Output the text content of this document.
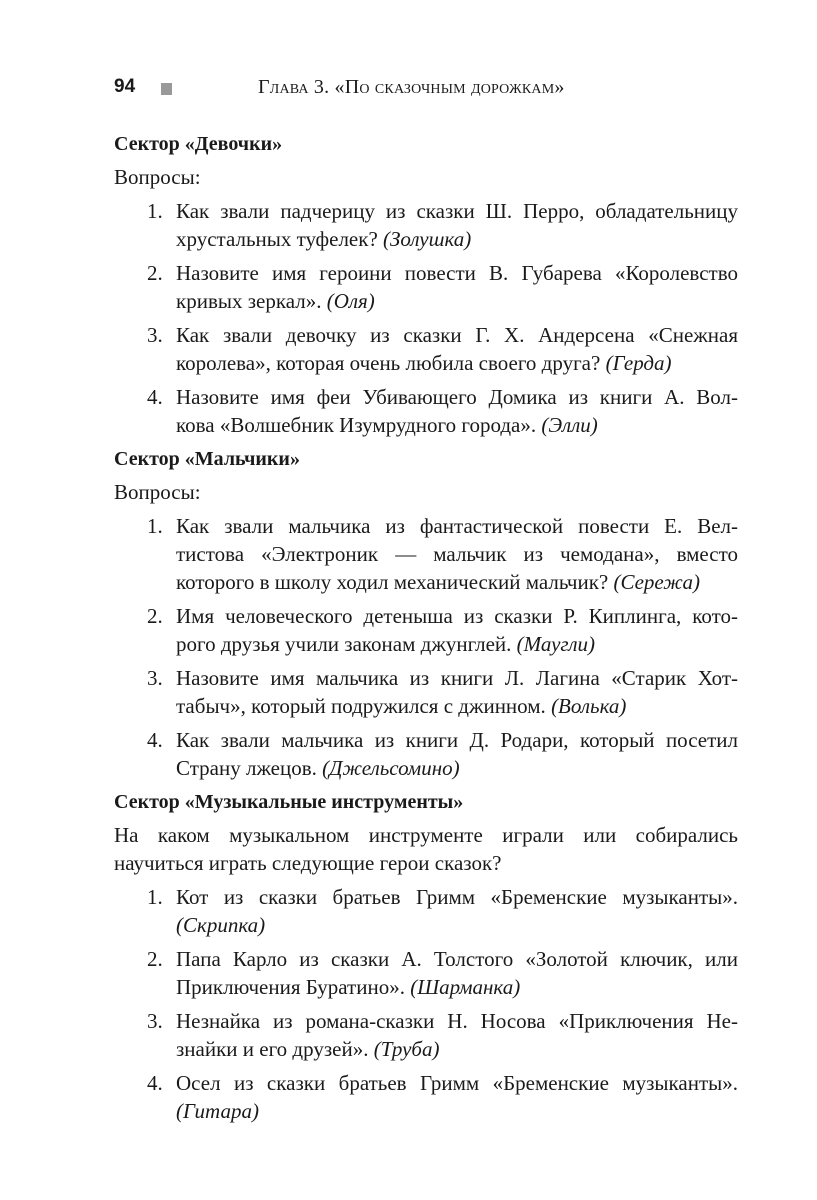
94	Глава 3. «По сказочным дорожкам»
Сектор «Девочки»
Вопросы:
1. Как звали падчерицу из сказки Ш. Перро, обладательницу
хрустальных туфелек? (Золушка)
2. Назовите имя героини повести В. Губарева «Королевство
кривых зеркал». (Оля)
3. Как звали девочку из сказки Г. Х. Андерсена «Снежная
королева», которая очень любила своего друга? (Герда)
4. Назовите имя феи Убивающего Домика из книги А. Вол-
кова «Волшебник Изумрудного города». (Элли)
Сектор «Мальчики»
Вопросы:
1. Как звали мальчика из фантастической повести Е. Вел-
тистова «Электроник — мальчик из чемодана», вместо
которого в школу ходил механический мальчик? (Сережа)
2. Имя человеческого детеныша из сказки Р. Киплинга, кото-
рого друзья учили законам джунглей. (Маугли)
3. Назовите имя мальчика из книги Л. Лагина «Старик Хот-
табыч», который подружился с джинном. (Волька)
4. Как звали мальчика из книги Д. Родари, который посетил
Страну лжецов. (Джельсомино)
Сектор «Музыкальные инструменты»
На каком музыкальном инструменте играли или собирались
научиться играть следующие герои сказок?
1. Кот из сказки братьев Гримм «Бременские музыканты».
(Скрипка)
2. Папа Карло из сказки А. Толстого «Золотой ключик, или
Приключения Буратино». (Шарманка)
3. Незнайка из романа-сказки Н. Носова «Приключения Не-
знайки и его друзей». (Труба)
4. Осел из сказки братьев Гримм «Бременские музыканты».
(Гитара)
